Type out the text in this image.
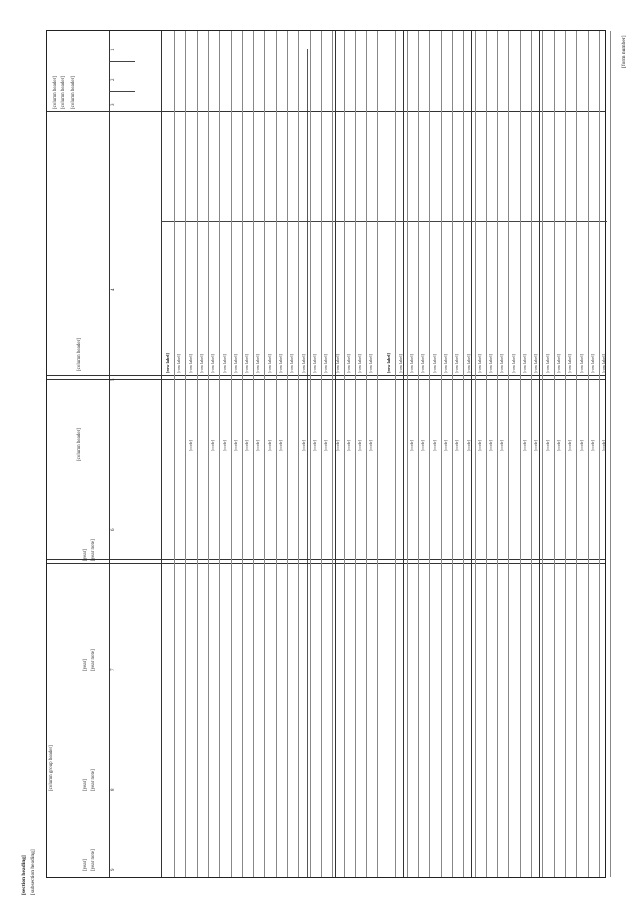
[form number]
[section heading] [subsection heading]
[column header] [column header] [column header]
[column header]
[column header]
[column group header]
[year] [year note]
[year] [year note]
[year] [year note]
[year] [year note]
1
2
3
4
5
6
7
8
9
[row label] [row label] [row label]
[code]
[row label] [row label]
[code]
[row label]
[code]
[row label]
[code]
[row label]
[code]
[row label]
[code]
[row label]
[code]
[row label]
[code]
[row label] [row label]
[code]
[row label]
[code]
[row label]
[code]
[row label]
[code]
[row label]
[code]
[row label]
[code]
[row label]
[code]
[row label] [row label] [row label]
[code]
[row label]
[code]
[row label]
[code]
[row label]
[code]
[row label]
[code]
[row label]
[code]
[row label]
[code]
[row label]
[code]
[row label]
[code]
[row label] [row label]
[code]
[row label]
[code]
[row label]
[code]
[row label]
[code]
[row label]
[code]
[row label]
[code]
[row label]
[code]
[row label]
[code]
